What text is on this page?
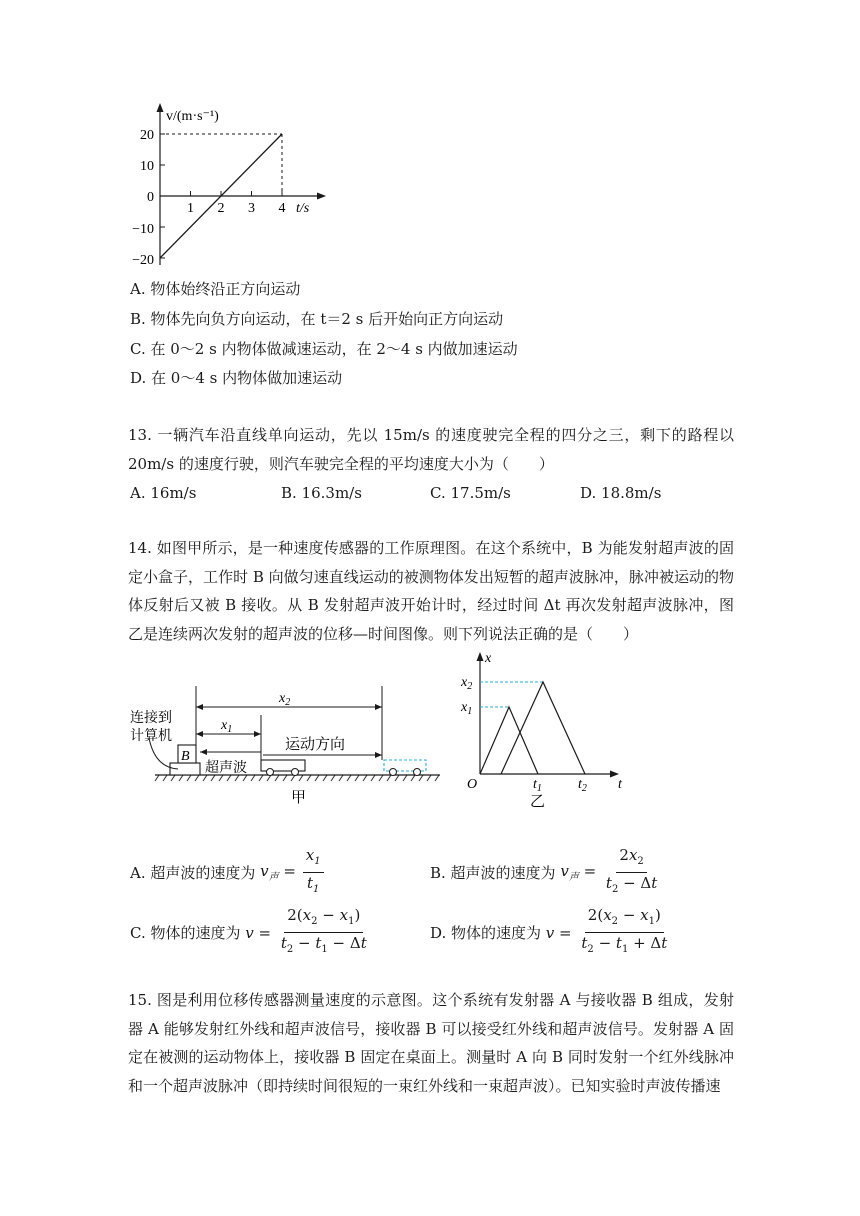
v/(m·s⁻¹)
t/s
20
10
0
−10
−20
1 2 3 4
A. 物体始终沿正方向运动
B. 物体先向负方向运动，在 t＝2 s 后开始向正方向运动
C. 在 0～2 s 内物体做减速运动，在 2～4 s 内做加速运动
D. 在 0～4 s 内物体做加速运动
13. 一辆汽车沿直线单向运动，先以 15m/s 的速度驶完全程的四分之三，剩下的路程以 20m/s 的速度行驶，则汽车驶完全程的平均速度大小为（　　）
A. 16m/s	B. 16.3m/s	C. 17.5m/s	D. 18.8m/s
14. 如图甲所示，是一种速度传感器的工作原理图。在这个系统中，B 为能发射超声波的固定小盒子，工作时 B 向做匀速直线运动的被测物体发出短暂的超声波脉冲，脉冲被运动的物体反射后又被 B 接收。从 B 发射超声波开始计时，经过时间 Δt 再次发射超声波脉冲，图乙是连续两次发射的超声波的位移—时间图像。则下列说法正确的是（　　）
B
连接到
计算机
超声波
$x_2$
$x_1$
运动方向
甲
x
t
O
$x_2$
$x_1$
$t_1$	$t_2$
乙
A. 超声波的速度为 $v_声 = \frac{x_1}{t_1}$	B. 超声波的速度为 $v_声 = \frac{2x_2}{t_2 - \Delta t}$
C. 物体的速度为 $v = \frac{2(x_2 - x_1)}{t_2 - t_1 - \Delta t}$	D. 物体的速度为 $v = \frac{2(x_2 - x_1)}{t_2 - t_1 + \Delta t}$
15. 图是利用位移传感器测量速度的示意图。这个系统有发射器 A 与接收器 B 组成，发射器 A 能够发射红外线和超声波信号，接收器 B 可以接受红外线和超声波信号。发射器 A 固定在被测的运动物体上，接收器 B 固定在桌面上。测量时 A 向 B 同时发射一个红外线脉冲和一个超声波脉冲（即持续时间很短的一束红外线和一束超声波）。已知实验时声波传播速
